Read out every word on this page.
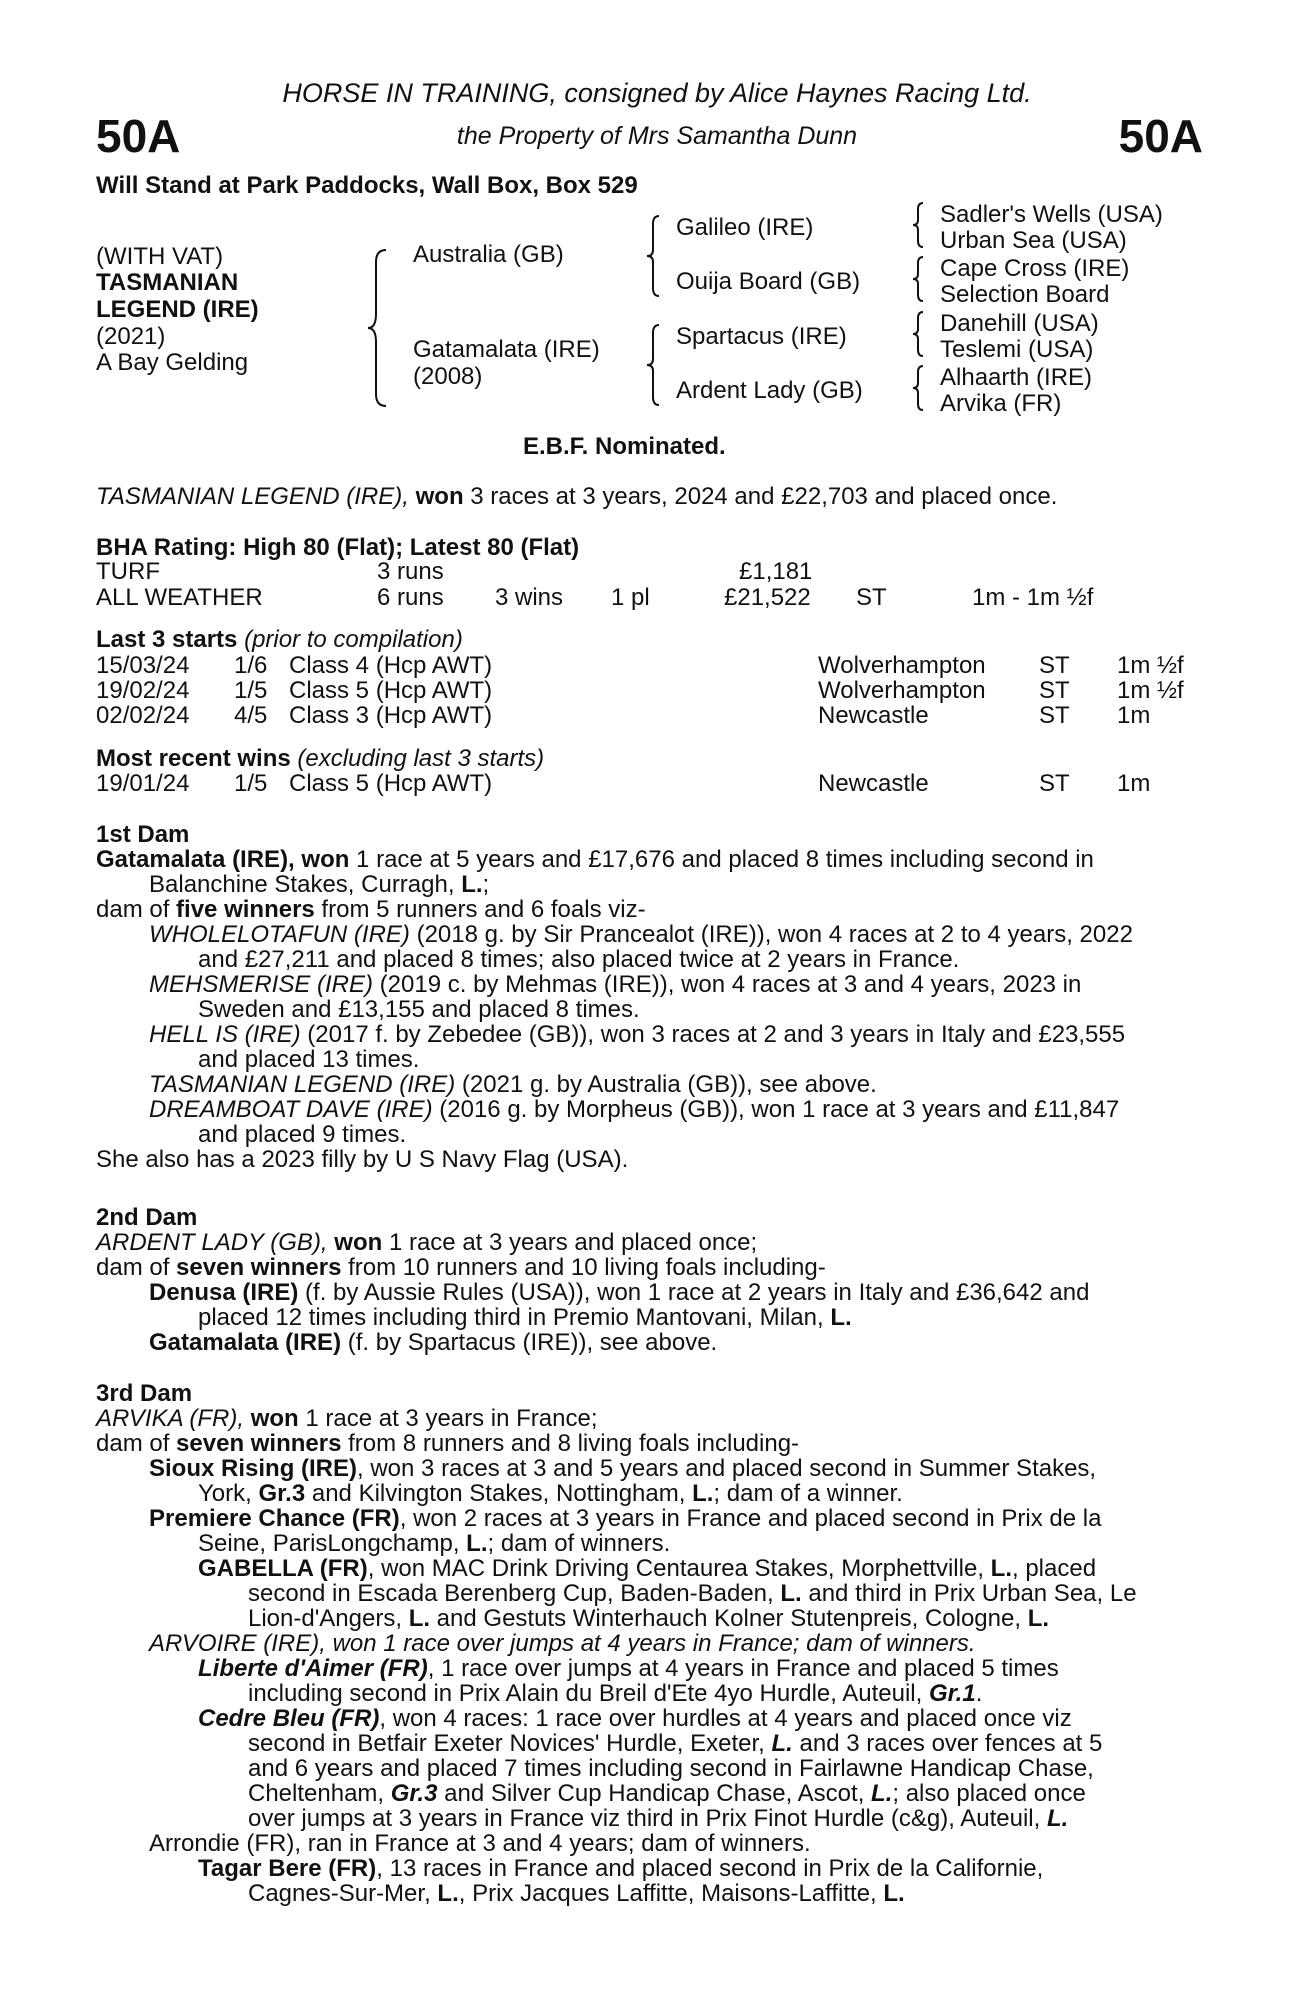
50A	50A
HORSE IN TRAINING, consigned by Alice Haynes Racing Ltd.
the Property of Mrs Samantha Dunn
Will Stand at Park Paddocks, Wall Box, Box 529
(WITH VAT)
TASMANIAN
LEGEND (IRE)
(2021)
A Bay Gelding
Australia (GB)
Gatamalata (IRE)
(2008)
Galileo (IRE)
Ouija Board (GB)
Spartacus (IRE)
Ardent Lady (GB)
Sadler's Wells (USA)
Urban Sea (USA)
Cape Cross (IRE)
Selection Board
Danehill (USA)
Teslemi (USA)
Alhaarth (IRE)
Arvika (FR)
E.B.F. Nominated.
TASMANIAN LEGEND (IRE), won 3 races at 3 years, 2024 and £22,703 and placed once.
BHA Rating: High 80 (Flat); Latest 80 (Flat)
TURF	3 runs	£1,181
ALL WEATHER	6 runs 3 wins 1 pl	£21,522 ST	1m - 1m ½f
Last 3 starts (prior to compilation)
15/03/24 1/6 Class 4 (Hcp AWT)	Wolverhampton ST 1m ½f
19/02/24 1/5 Class 5 (Hcp AWT)	Wolverhampton ST 1m ½f
02/02/24 4/5 Class 3 (Hcp AWT)	Newcastle	ST 1m
Most recent wins (excluding last 3 starts)
19/01/24 1/5 Class 5 (Hcp AWT)	Newcastle	ST 1m
1st Dam
Gatamalata (IRE), won 1 race at 5 years and £17,676 and placed 8 times including second in
Balanchine Stakes, Curragh, L.;
dam of five winners from 5 runners and 6 foals viz-
WHOLELOTAFUN (IRE) (2018 g. by Sir Prancealot (IRE)), won 4 races at 2 to 4 years, 2022
and £27,211 and placed 8 times; also placed twice at 2 years in France.
MEHSMERISE (IRE) (2019 c. by Mehmas (IRE)), won 4 races at 3 and 4 years, 2023 in
Sweden and £13,155 and placed 8 times.
HELL IS (IRE) (2017 f. by Zebedee (GB)), won 3 races at 2 and 3 years in Italy and £23,555
and placed 13 times.
TASMANIAN LEGEND (IRE) (2021 g. by Australia (GB)), see above.
DREAMBOAT DAVE (IRE) (2016 g. by Morpheus (GB)), won 1 race at 3 years and £11,847
and placed 9 times.
She also has a 2023 filly by U S Navy Flag (USA).
2nd Dam
ARDENT LADY (GB), won 1 race at 3 years and placed once;
dam of seven winners from 10 runners and 10 living foals including-
Denusa (IRE) (f. by Aussie Rules (USA)), won 1 race at 2 years in Italy and £36,642 and
placed 12 times including third in Premio Mantovani, Milan, L.
Gatamalata (IRE) (f. by Spartacus (IRE)), see above.
3rd Dam
ARVIKA (FR), won 1 race at 3 years in France;
dam of seven winners from 8 runners and 8 living foals including-
Sioux Rising (IRE), won 3 races at 3 and 5 years and placed second in Summer Stakes,
York, Gr.3 and Kilvington Stakes, Nottingham, L.; dam of a winner.
Premiere Chance (FR), won 2 races at 3 years in France and placed second in Prix de la
Seine, ParisLongchamp, L.; dam of winners.
GABELLA (FR), won MAC Drink Driving Centaurea Stakes, Morphettville, L., placed
second in Escada Berenberg Cup, Baden-Baden, L. and third in Prix Urban Sea, Le
Lion-d'Angers, L. and Gestuts Winterhauch Kolner Stutenpreis, Cologne, L.
ARVOIRE (IRE), won 1 race over jumps at 4 years in France; dam of winners.
Liberte d'Aimer (FR), 1 race over jumps at 4 years in France and placed 5 times
including second in Prix Alain du Breil d'Ete 4yo Hurdle, Auteuil, Gr.1.
Cedre Bleu (FR), won 4 races: 1 race over hurdles at 4 years and placed once viz
second in Betfair Exeter Novices' Hurdle, Exeter, L. and 3 races over fences at 5
and 6 years and placed 7 times including second in Fairlawne Handicap Chase,
Cheltenham, Gr.3 and Silver Cup Handicap Chase, Ascot, L.; also placed once
over jumps at 3 years in France viz third in Prix Finot Hurdle (c&g), Auteuil, L.
Arrondie (FR), ran in France at 3 and 4 years; dam of winners.
Tagar Bere (FR), 13 races in France and placed second in Prix de la Californie,
Cagnes-Sur-Mer, L., Prix Jacques Laffitte, Maisons-Laffitte, L.
